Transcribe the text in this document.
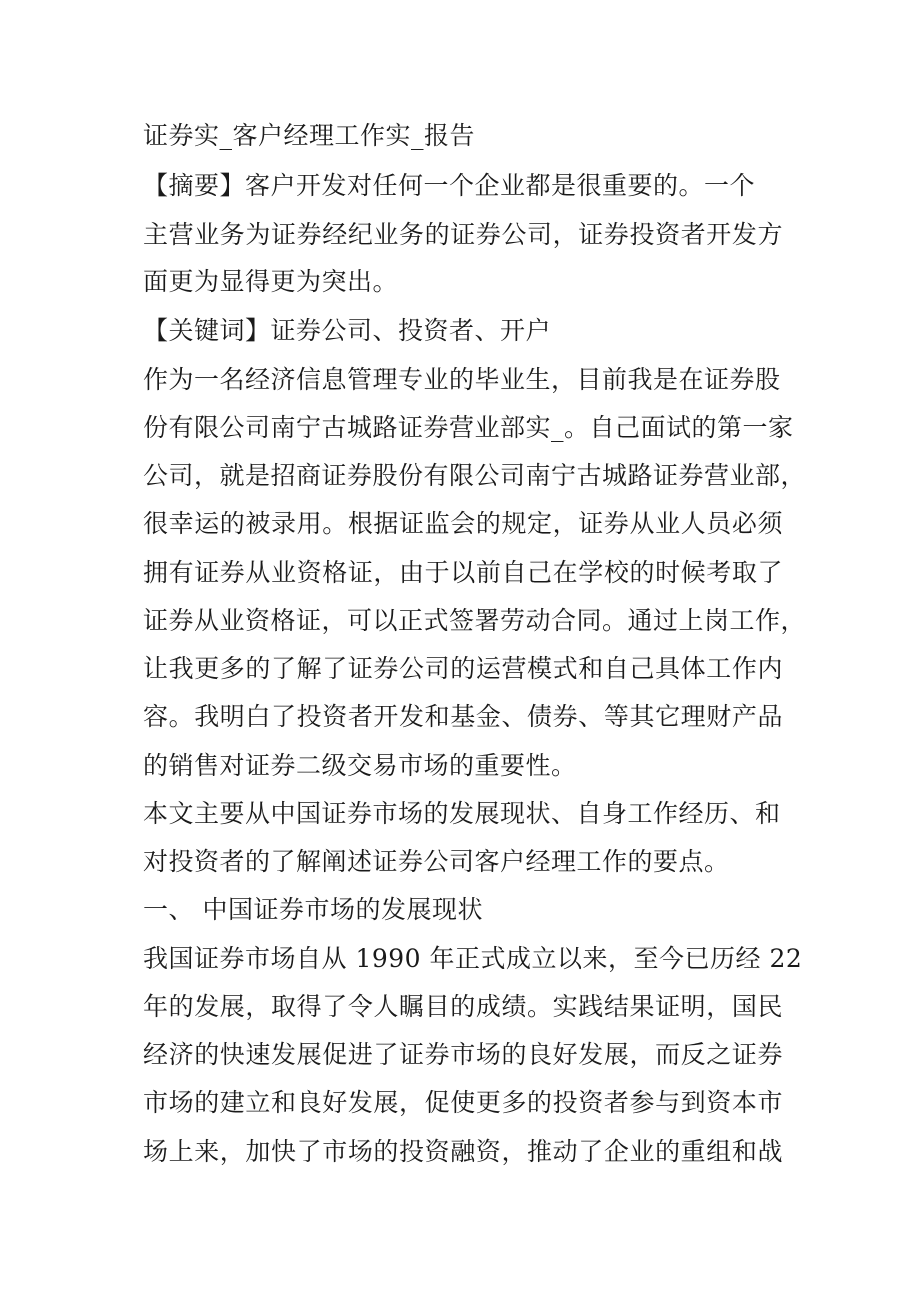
证券实_客户经理工作实_报告
【摘要】客户开发对任何一个企业都是很重要的。一个
主营业务为证券经纪业务的证券公司，证券投资者开发方
面更为显得更为突出。
【关键词】证券公司、投资者、开户
作为一名经济信息管理专业的毕业生，目前我是在证券股
份有限公司南宁古城路证券营业部实_。自己面试的第一家
公司，就是招商证券股份有限公司南宁古城路证券营业部，
很幸运的被录用。根据证监会的规定，证券从业人员必须
拥有证券从业资格证，由于以前自己在学校的时候考取了
证券从业资格证，可以正式签署劳动合同。通过上岗工作，
让我更多的了解了证券公司的运营模式和自己具体工作内
容。我明白了投资者开发和基金、债券、等其它理财产品
的销售对证券二级交易市场的重要性。
本文主要从中国证券市场的发展现状、自身工作经历、和
对投资者的了解阐述证券公司客户经理工作的要点。
一、 中国证券市场的发展现状
我国证券市场自从 1990 年正式成立以来，至今已历经 22
年的发展，取得了令人瞩目的成绩。实践结果证明，国民
经济的快速发展促进了证券市场的良好发展，而反之证券
市场的建立和良好发展，促使更多的投资者参与到资本市
场上来，加快了市场的投资融资，推动了企业的重组和战
